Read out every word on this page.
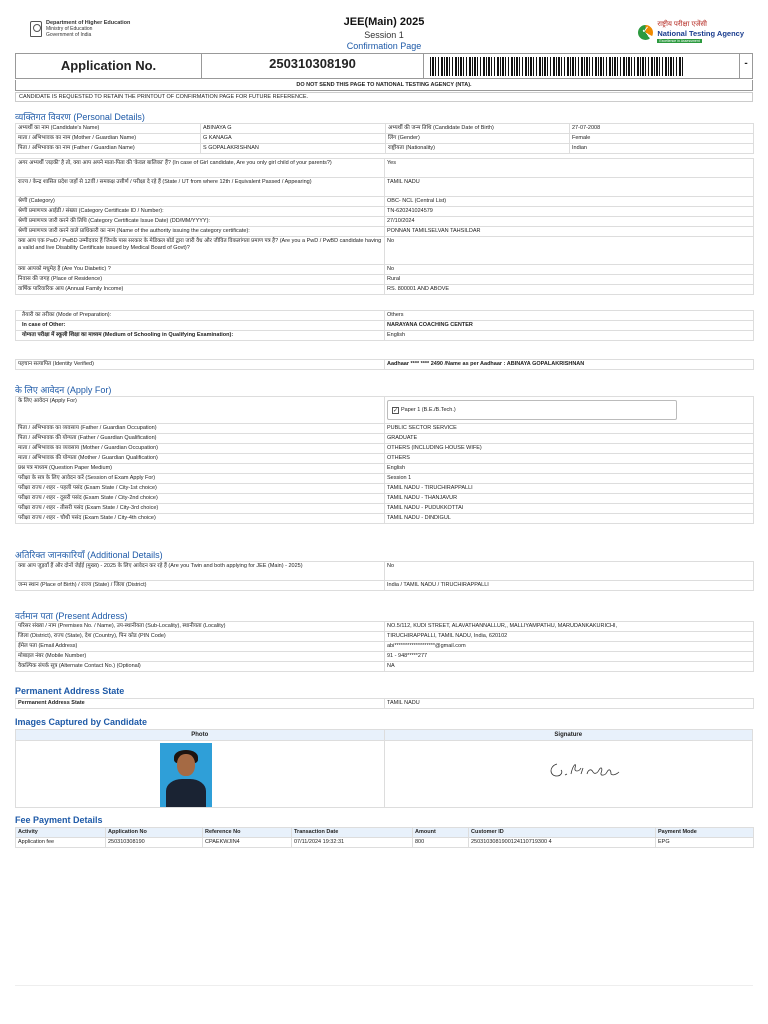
Department of Higher Education
Ministry of Education
Government of India
JEE(Main) 2025
Session 1
Confirmation Page
✓
राष्ट्रीय परीक्षा एजेंसी
National Testing Agency
Excellence in Assessment
Application No.	250310308190	-
DO NOT SEND THIS PAGE TO NATIONAL TESTING AGENCY (NTA).
CANDIDATE IS REQUESTED TO RETAIN THE PRINTOUT OF CONFIRMATION PAGE FOR FUTURE REFERENCE.
व्यक्तिगत विवरण (Personal Details)
अभ्यर्थी का नाम (Candidate's Name)	ABINAYA G	अभ्यर्थी की जन्म तिथि (Candidate Date of Birth)	27-07-2008
माता / अभिभावक का नाम (Mother / Guardian Name)	G KANAGA	लिंग (Gender)	Female
पिता / अभिभावक का नाम (Father / Guardian Name)	S GOPALAKRISHNAN	राष्ट्रीयता (Nationality)	Indian
अगर अभ्यर्थी 'लड़की' है तो, क्या आप अपने माता-पिता की 'केवल बालिका' हैं? (In case of Girl candidate, Are you only girl child of your parents?)	Yes
राज्य / केन्द्र शासित प्रदेश जहाँ से 12वीं / समकक्ष उत्तीर्ण / परीक्षा दे रहे हैं (State / UT from where 12th / Equivalent Passed / Appearing)	TAMIL NADU
श्रेणी (Category)	OBC- NCL (Central List)
श्रेणी प्रमाणपत्र आईडी / संख्या (Category Certificate ID / Number):	TN-620241024579
श्रेणी प्रमाणपत्र जारी करने की तिथि (Category Certificate Issue Date) (DD/MM/YYYY):	27/10/2024
श्रेणी प्रमाणपत्र जारी करने वाले प्राधिकारी का नाम (Name of the authority issuing the category certificate):	PONNAN TAMILSELVAN TAHSILDAR
क्या आप एक PwD / PwBD उम्मीदवार हैं जिनके पास सरकार के मेडिकल बोर्ड द्वारा जारी वैध और जीवित विकलांगता प्रमाण पत्र है? (Are you a PwD / PwBD candidate having a valid and live Disability Certificate issued by Medical Board of Govt)?	No
क्या आपको मधुमेह है (Are You Diabetic) ?	No
निवास की जगह (Place of Residence)	Rural
वार्षिक पारिवारिक आय (Annual Family Income)	RS. 800001 AND ABOVE
तैयारी का तरीका (Mode of Preparation):	Others
In case of Other:	NARAYANA COACHING CENTER
योग्यता परीक्षा में स्कूली शिक्षा का माध्यम (Medium of Schooling in Qualifying Examination):	English
पहचान सत्यापित (Identity Verified)	Aadhaar **** **** 2490 /Name as per Aadhaar : ABINAYA GOPALAKRISHNAN
के लिए आवेदन (Apply For)
के लिए आवेदन (Apply For)	✓ Paper 1 (B.E./B.Tech.)

पिता / अभिभावक का व्यवसाय (Father / Guardian Occupation)	PUBLIC SECTOR SERVICE
पिता / अभिभावक की योग्यता (Father / Guardian Qualification)	GRADUATE
माता / अभिभावक का व्यवसाय (Mother / Guardian Occupation)	OTHERS (INCLUDING HOUSE WIFE)
माता / अभिभावक की योग्यता (Mother / Guardian Qualification)	OTHERS
प्रश्न पत्र माध्यम (Question Paper Medium)	English
परीक्षा के सत्र के लिए आवेदन करें (Session of Exam Apply For)	Session 1
परीक्षा राज्य / शहर - पहली पसंद (Exam State / City-1st choice)	TAMIL NADU - TIRUCHIRAPPALLI
परीक्षा राज्य / शहर - दूसरी पसंद (Exam State / City-2nd choice)	TAMIL NADU - THANJAVUR
परीक्षा राज्य / शहर - तीसरी पसंद (Exam State / City-3rd choice)	TAMIL NADU - PUDUKKOTTAI
परीक्षा राज्य / शहर - चौथी पसंद (Exam State / City-4th choice)	TAMIL NADU - DINDIGUL
अतिरिक्त जानकारियाँ (Additional Details)
क्या आप जुड़वाँ हैं और दोनों जेईई (मुख्य) - 2025 के लिए आवेदन कर रहे हैं (Are you Twin and both applying for JEE (Main) - 2025)	No
जन्म स्थान (Place of Birth) / राज्य (State) / जिला (District)	India / TAMIL NADU / TIRUCHIRAPPALLI
वर्तमान पता (Present Address)
परिसर संख्या / नाम (Premises No. / Name), उप-स्थानीयता (Sub-Locality), स्थानीयता (Locality)	NO.5/112, KUDI STREET, ALAVATHANNALLUR,, MALLIYAMPATHU, MARUDANKAKURICHI,
जिला (District), राज्य (State), देश (Country), पिन कोड (PIN Code)	TIRUCHIRAPPALLI, TAMIL NADU, India, 620102
ईमेल पता (Email Address)	abi*******************@gmail.com
मोबाइल नंबर (Mobile Number)	91 - 948*****277
वैकल्पिक संपर्क सूत्र (Alternate Contact No.) (Optional)	NA
Permanent Address State
Permanent Address State	TAMIL NADU
Images Captured by Candidate
Photo	Signature
Fee Payment Details
Activity	Application No	Reference No	Transaction Date	Amount	Customer ID	Payment Mode
Application fee	250310308190	CPAEKWJIN4	07/11/2024 19:32:31	800	2503103081900124110719300 4	EPG
